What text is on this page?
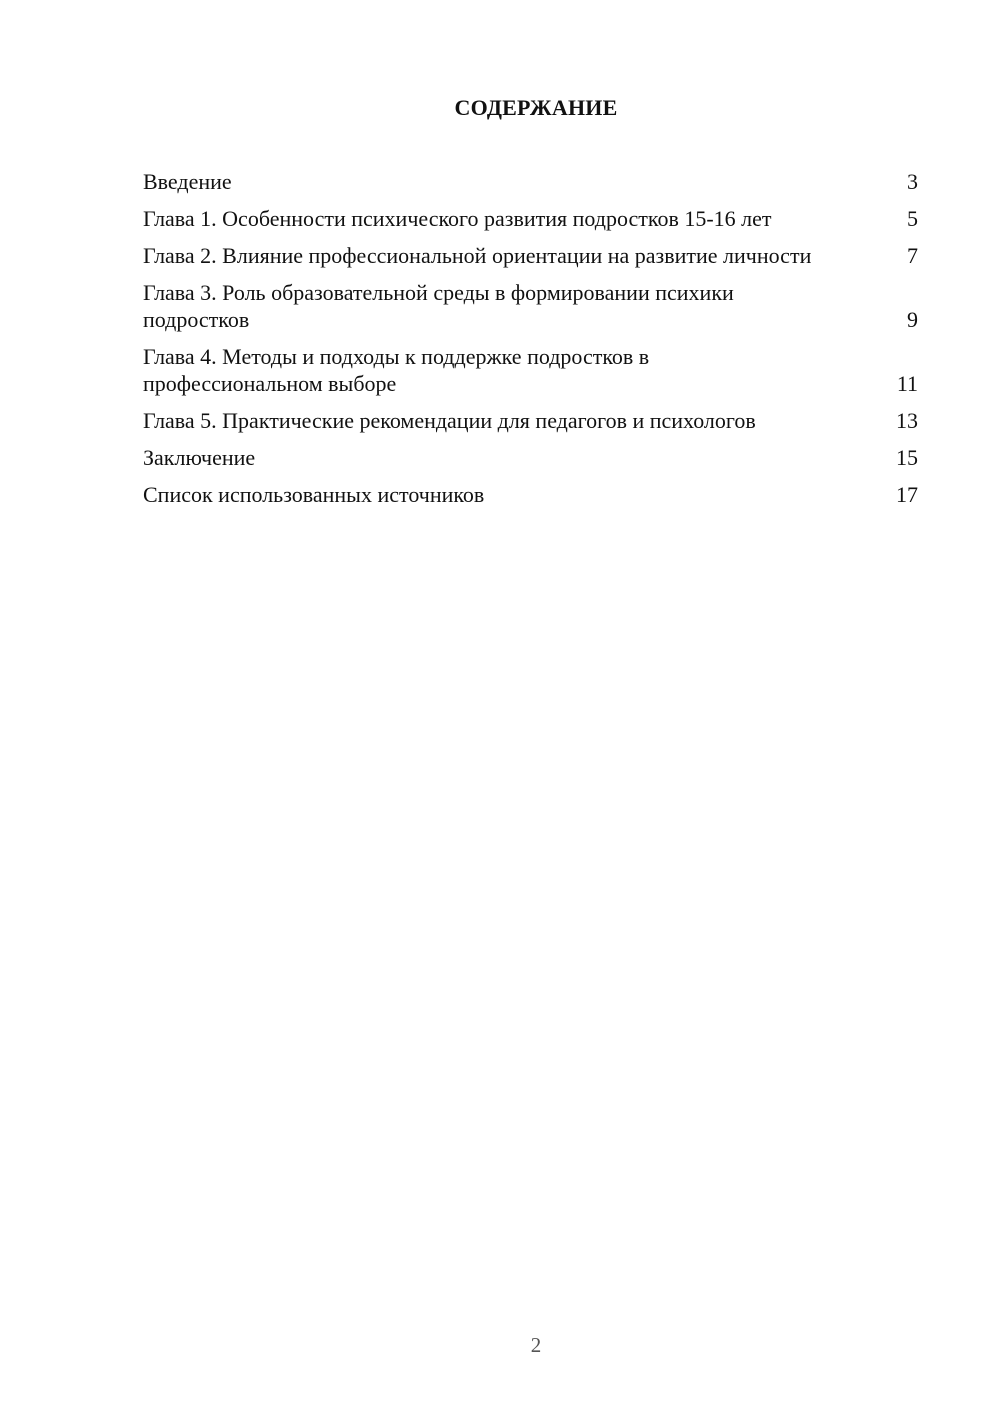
СОДЕРЖАНИЕ
Введение	3
Глава 1. Особенности психического развития подростков 15-16 лет	5
Глава 2. Влияние профессиональной ориентации на развитие личности	7
Глава 3. Роль образовательной среды в формировании психики подростков	9
Глава 4. Методы и подходы к поддержке подростков в профессиональном выборе	11
Глава 5. Практические рекомендации для педагогов и психологов	13
Заключение	15
Список использованных источников	17
2
